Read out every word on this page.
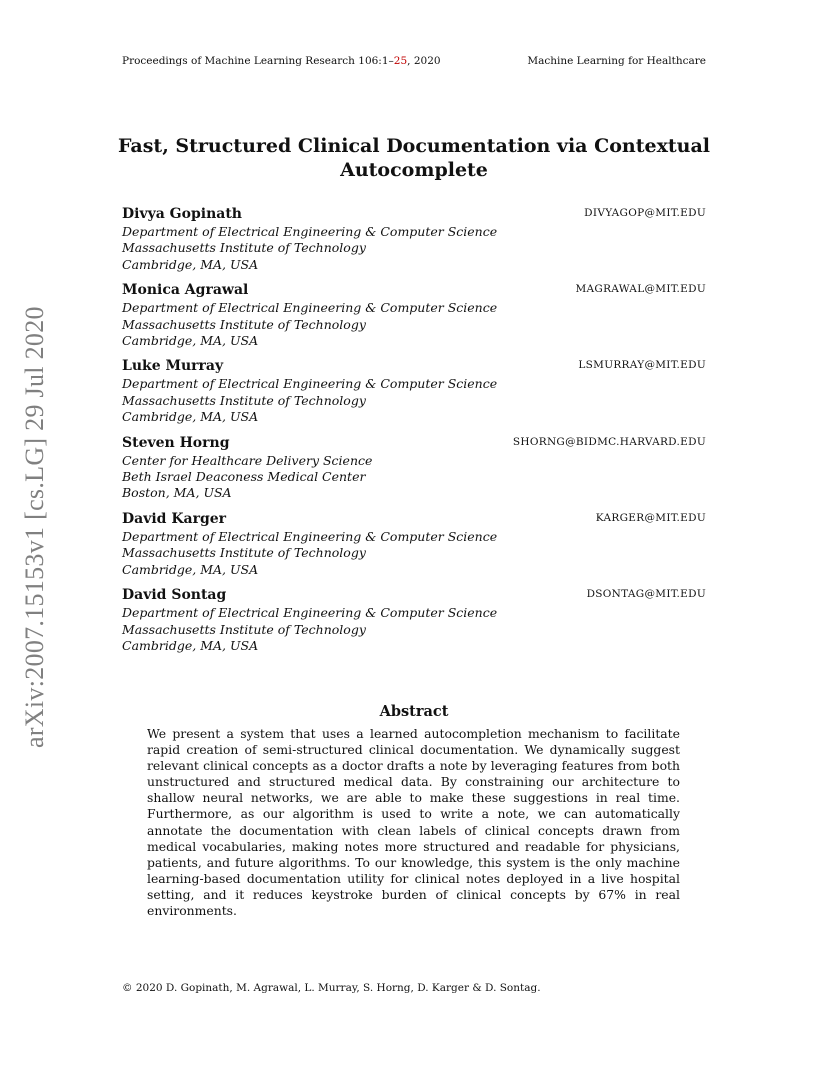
Proceedings of Machine Learning Research 106:1–25, 2020	Machine Learning for Healthcare
arXiv:2007.15153v1 [cs.LG] 29 Jul 2020
Fast, Structured Clinical Documentation via Contextual
Autocomplete
Divya Gopinath	DIVYAGOP@MIT.EDU
Department of Electrical Engineering & Computer Science
Massachusetts Institute of Technology
Cambridge, MA, USA
Monica Agrawal	MAGRAWAL@MIT.EDU
Department of Electrical Engineering & Computer Science
Massachusetts Institute of Technology
Cambridge, MA, USA
Luke Murray	LSMURRAY@MIT.EDU
Department of Electrical Engineering & Computer Science
Massachusetts Institute of Technology
Cambridge, MA, USA
Steven Horng	SHORNG@BIDMC.HARVARD.EDU
Center for Healthcare Delivery Science
Beth Israel Deaconess Medical Center
Boston, MA, USA
David Karger	KARGER@MIT.EDU
Department of Electrical Engineering & Computer Science
Massachusetts Institute of Technology
Cambridge, MA, USA
David Sontag	DSONTAG@MIT.EDU
Department of Electrical Engineering & Computer Science
Massachusetts Institute of Technology
Cambridge, MA, USA
Abstract
We present a system that uses a learned autocompletion mechanism to facilitate rapid creation of semi-structured clinical documentation. We dynamically suggest relevant clinical concepts as a doctor drafts a note by leveraging features from both unstructured and structured medical data. By constraining our architecture to shallow neural networks, we are able to make these suggestions in real time. Furthermore, as our algorithm is used to write a note, we can automatically annotate the documentation with clean labels of clinical concepts drawn from medical vocabularies, making notes more structured and readable for physicians, patients, and future algorithms. To our knowledge, this system is the only machine learning-based documentation utility for clinical notes deployed in a live hospital setting, and it reduces keystroke burden of clinical concepts by 67% in real environments.
© 2020 D. Gopinath, M. Agrawal, L. Murray, S. Horng, D. Karger & D. Sontag.
